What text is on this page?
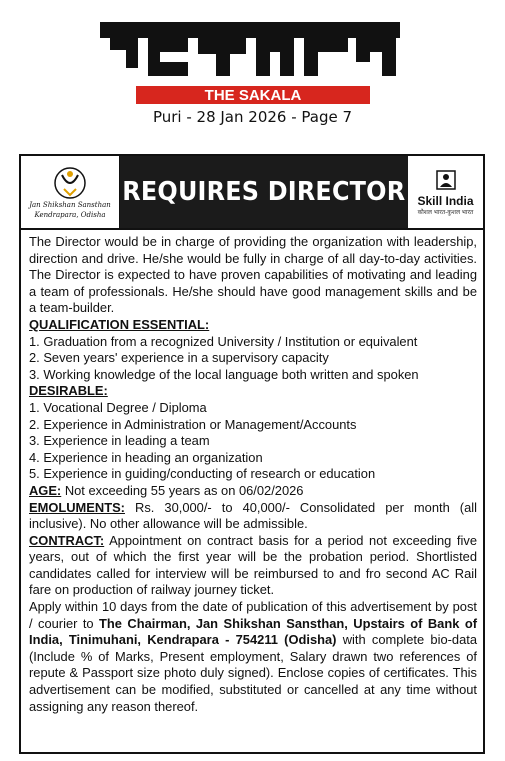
THE SAKALA
Puri - 28 Jan 2026 - Page 7
Jan Shikshan Sansthan
Kendrapara, Odisha
REQUIRES DIRECTOR Skill India
कौशल भारत-कुशल भारत

The Director would be in charge of providing the organization with leadership, direction and drive. He/she would be fully in charge of all day-to-day activities. The Director is expected to have proven capabilities of motivating and leading a team of professionals. He/she should have good management skills and be a team-builder.

QUALIFICATION ESSENTIAL:
1. Graduation from a recognized University / Institution or equivalent
2. Seven years' experience in a supervisory capacity
3. Working knowledge of the local language both written and spoken
DESIRABLE:
1. Vocational Degree / Diploma
2. Experience in Administration or Management/Accounts
3. Experience in leading a team
4. Experience in heading an organization
5. Experience in guiding/conducting of research or education

AGE: Not exceeding 55 years as on 06/02/2026

EMOLUMENTS: Rs. 30,000/- to 40,000/- Consolidated per month (all inclusive). No other allowance will be admissible.

CONTRACT: Appointment on contract basis for a period not exceeding five years, out of which the first year will be the probation period. Shortlisted candidates called for interview will be reimbursed to and fro second AC Rail fare on production of railway journey ticket.

Apply within 10 days from the date of publication of this advertisement by post / courier to The Chairman, Jan Shikshan Sansthan, Upstairs of Bank of India, Tinimuhani, Kendrapara - 754211 (Odisha) with complete bio-data (Include % of Marks, Present employment, Salary drawn two references of repute & Passport size photo duly signed). Enclose copies of certificates. This advertisement can be modified, substituted or cancelled at any time without assigning any reason thereof.
